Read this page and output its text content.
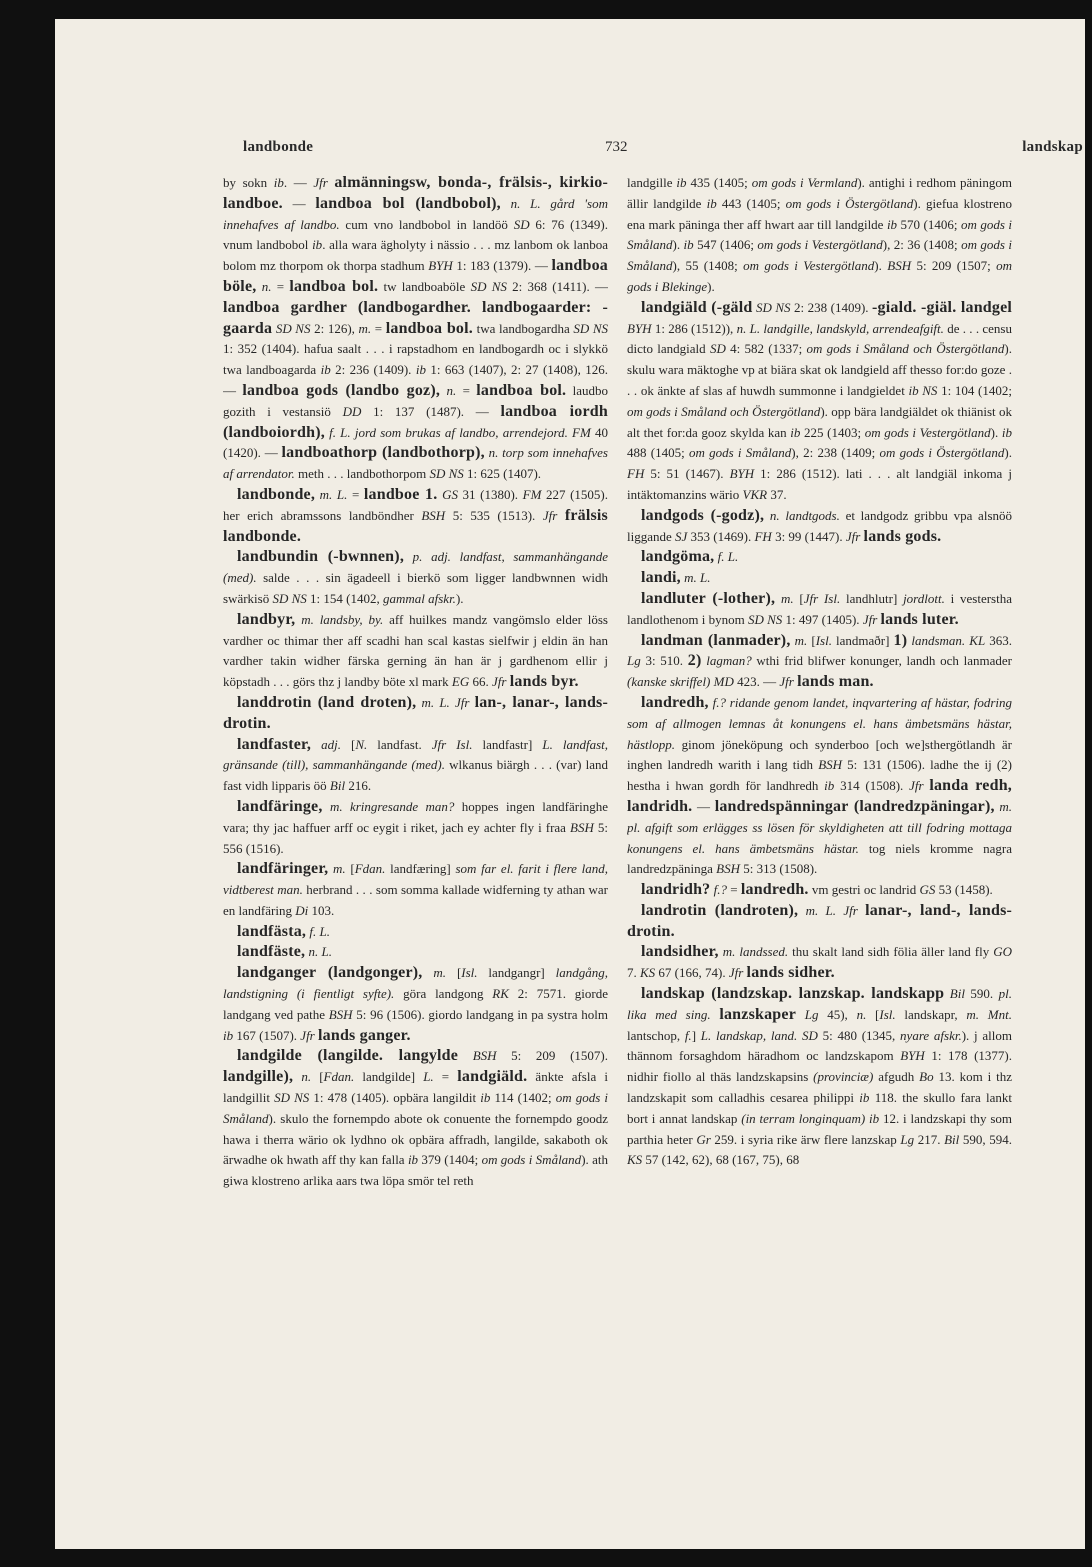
landbonde	732	landskap

by sokn ib. — Jfr almänningsw, bonda-, frälsis-, kirkio-landboe. — landboa bol (landbobol), n. L. gård 'som innehafves af landbo. cum vno landbobol in landöö SD 6: 76 (1349). vnum landbobol ib. alla wara ägholyty i nässio . . . mz lanbom ok lanboa bolom mz thorpom ok thorpa stadhum BYH 1: 183 (1379). — landboa böle, n. = landboa bol. tw landboaböle SD NS 2: 368 (1411). — landboa gardher (landbogardher. landbogaarder: -gaarda SD NS 2: 126), m. = landboa bol. twa landbogardha SD NS 1: 352 (1404). hafua saalt . . . i rapstadhom en landbogardh oc i slykkö twa landboagarda ib 2: 236 (1409). ib 1: 663 (1407), 2: 27 (1408), 126. — landboa gods (landbo goz), n. = landboa bol. laudbo gozith i vestansiö DD 1: 137 (1487). — landboa iordh (landboiordh), f. L. jord som brukas af landbo, arrendejord. FM 40 (1420). — landboathorp (landbothorp), n. torp som innehafves af arrendator. meth . . . landbothorpom SD NS 1: 625 (1407).

landbonde, m. L. = landboe 1. GS 31 (1380). FM 227 (1505). her erich abramssons landböndher BSH 5: 535 (1513). Jfr frälsis landbonde.

landbundin (-bwnnen), p. adj. landfast, sammanhängande (med). salde . . . sin ägadeell i bierkö som ligger landbwnnen widh swärkisö SD NS 1: 154 (1402, gammal afskr.).

landbyr, m. landsby, by. aff huilkes mandz vangömslo elder löss vardher oc thimar ther aff scadhi han scal kastas sielfwir j eldin än han vardher takin widher färska gerning än han är j gardhenom ellir j köpstadh . . . görs thz j landby böte xl mark EG 66. Jfr lands byr.

landdrotin (land droten), m. L. Jfr lan-, lanar-, lands-drotin.

landfaster, adj. [N. landfast. Jfr Isl. landfastr] L. landfast, gränsande (till), sammanhängande (med). wlkanus biärgh . . . (var) land fast vidh lipparis öö Bil 216.

landfäringe, m. kringresande man? hoppes ingen landfäringhe vara; thy jac haffuer arff oc eygit i riket, jach ey achter fly i fraa BSH 5: 556 (1516).

landfäringer, m. [Fdan. landfæring] som far el. farit i flere land, vidtberest man. herbrand . . . som somma kallade widferning ty athan war en landfäring Di 103.

landfästa, f. L.

landfäste, n. L.

landganger (landgonger), m. [Isl. landgangr] landgång, landstigning (i fientligt syfte). göra landgong RK 2: 7571. giorde landgang ved pathe BSH 5: 96 (1506). giordo landgang in pa systra holm ib 167 (1507). Jfr lands ganger.

landgilde (langilde. langylde BSH 5: 209 (1507). landgille), n. [Fdan. landgilde] L. = landgiäld. änkte afsla i landgillit SD NS 1: 478 (1405). opbära langildit ib 114 (1402; om gods i Småland). skulo the fornempdo abote ok conuente the fornempdo goodz hawa i therra wärio ok lydhno ok opbära affradh, langilde, sakaboth ok ärwadhe ok hwath aff thy kan falla ib 379 (1404; om gods i Småland). ath giwa klostreno arlika aars twa löpa smör tel reth

landgille ib 435 (1405; om gods i Vermland). antighi i redhom päningom ällir landgilde ib 443 (1405; om gods i Östergötland). giefua klostreno ena mark päninga ther aff hwart aar till landgilde ib 570 (1406; om gods i Småland). ib 547 (1406; om gods i Vestergötland), 2: 36 (1408; om gods i Småland), 55 (1408; om gods i Vestergötland). BSH 5: 209 (1507; om gods i Blekinge).

landgiäld (-gäld SD NS 2: 238 (1409). -giald. -giäl. landgel BYH 1: 286 (1512)), n. L. landgille, landskyld, arrendeafgift. de . . . censu dicto landgiald SD 4: 582 (1337; om gods i Småland och Östergötland). skulu wara mäktoghe vp at biära skat ok landgield aff thesso for:do goze . . . ok änkte af slas af huwdh summonne i landgieldet ib NS 1: 104 (1402; om gods i Småland och Östergötland). opp bära landgiäldet ok thiänist ok alt thet for:da gooz skylda kan ib 225 (1403; om gods i Vestergötland). ib 488 (1405; om gods i Småland), 2: 238 (1409; om gods i Östergötland). FH 5: 51 (1467). BYH 1: 286 (1512). lati . . . alt landgiäl inkoma j intäktomanzins wärio VKR 37.

landgods (-godz), n. landtgods. et landgodz gribbu vpa alsnöö liggande SJ 353 (1469). FH 3: 99 (1447). Jfr lands gods.

landgöma, f. L.

landi, m. L.

landluter (-lother), m. [Jfr Isl. landhlutr] jordlott. i vesterstha landlothenom i bynom SD NS 1: 497 (1405). Jfr lands luter.

landman (lanmader), m. [Isl. landmaðr] 1) landsman. KL 363. Lg 3: 510. 2) lagman? wthi frid blifwer konunger, landh och lanmader (kanske skriffel) MD 423. — Jfr lands man.

landredh, f.? ridande genom landet, inqvartering af hästar, fodring som af allmogen lemnas åt konungens el. hans ämbetsmäns hästar, hästlopp. ginom jöneköpung och synderboo [och we]sthergötlandh är inghen landredh warith i lang tidh BSH 5: 131 (1506). ladhe the ij (2) hestha i hwan gordh för landhredh ib 314 (1508). Jfr landa redh, landridh. — landredspänningar (landredzpäningar), m. pl. afgift som erlägges ss lösen för skyldigheten att till fodring mottaga konungens el. hans ämbetsmäns hästar. tog niels kromme nagra landredzpäninga BSH 5: 313 (1508).

landridh? f.? = landredh. vm gestri oc landrid GS 53 (1458).

landrotin (landroten), m. L. Jfr lanar-, land-, lands-drotin.

landsidher, m. landssed. thu skalt land sidh fölia äller land fly GO 7. KS 67 (166, 74). Jfr lands sidher.

landskap (landzskap. lanzskap. landskapp Bil 590. pl. lika med sing. lanzskaper Lg 45), n. [Isl. landskapr, m. Mnt. lantschop, f.] L. landskap, land. SD 5: 480 (1345, nyare afskr.). j allom thännom forsaghdom häradhom oc landzskapom BYH 1: 178 (1377). nidhir fiollo al thäs landzskapsins (provinciæ) afgudh Bo 13. kom i thz landzskapit som calladhis cesarea philippi ib 118. the skullo fara lankt bort i annat landskap (in terram longinquam) ib 12. i landzskapi thy som parthia heter Gr 259. i syria rike ärw flere lanzskap Lg 217. Bil 590, 594. KS 57 (142, 62), 68 (167, 75), 68
